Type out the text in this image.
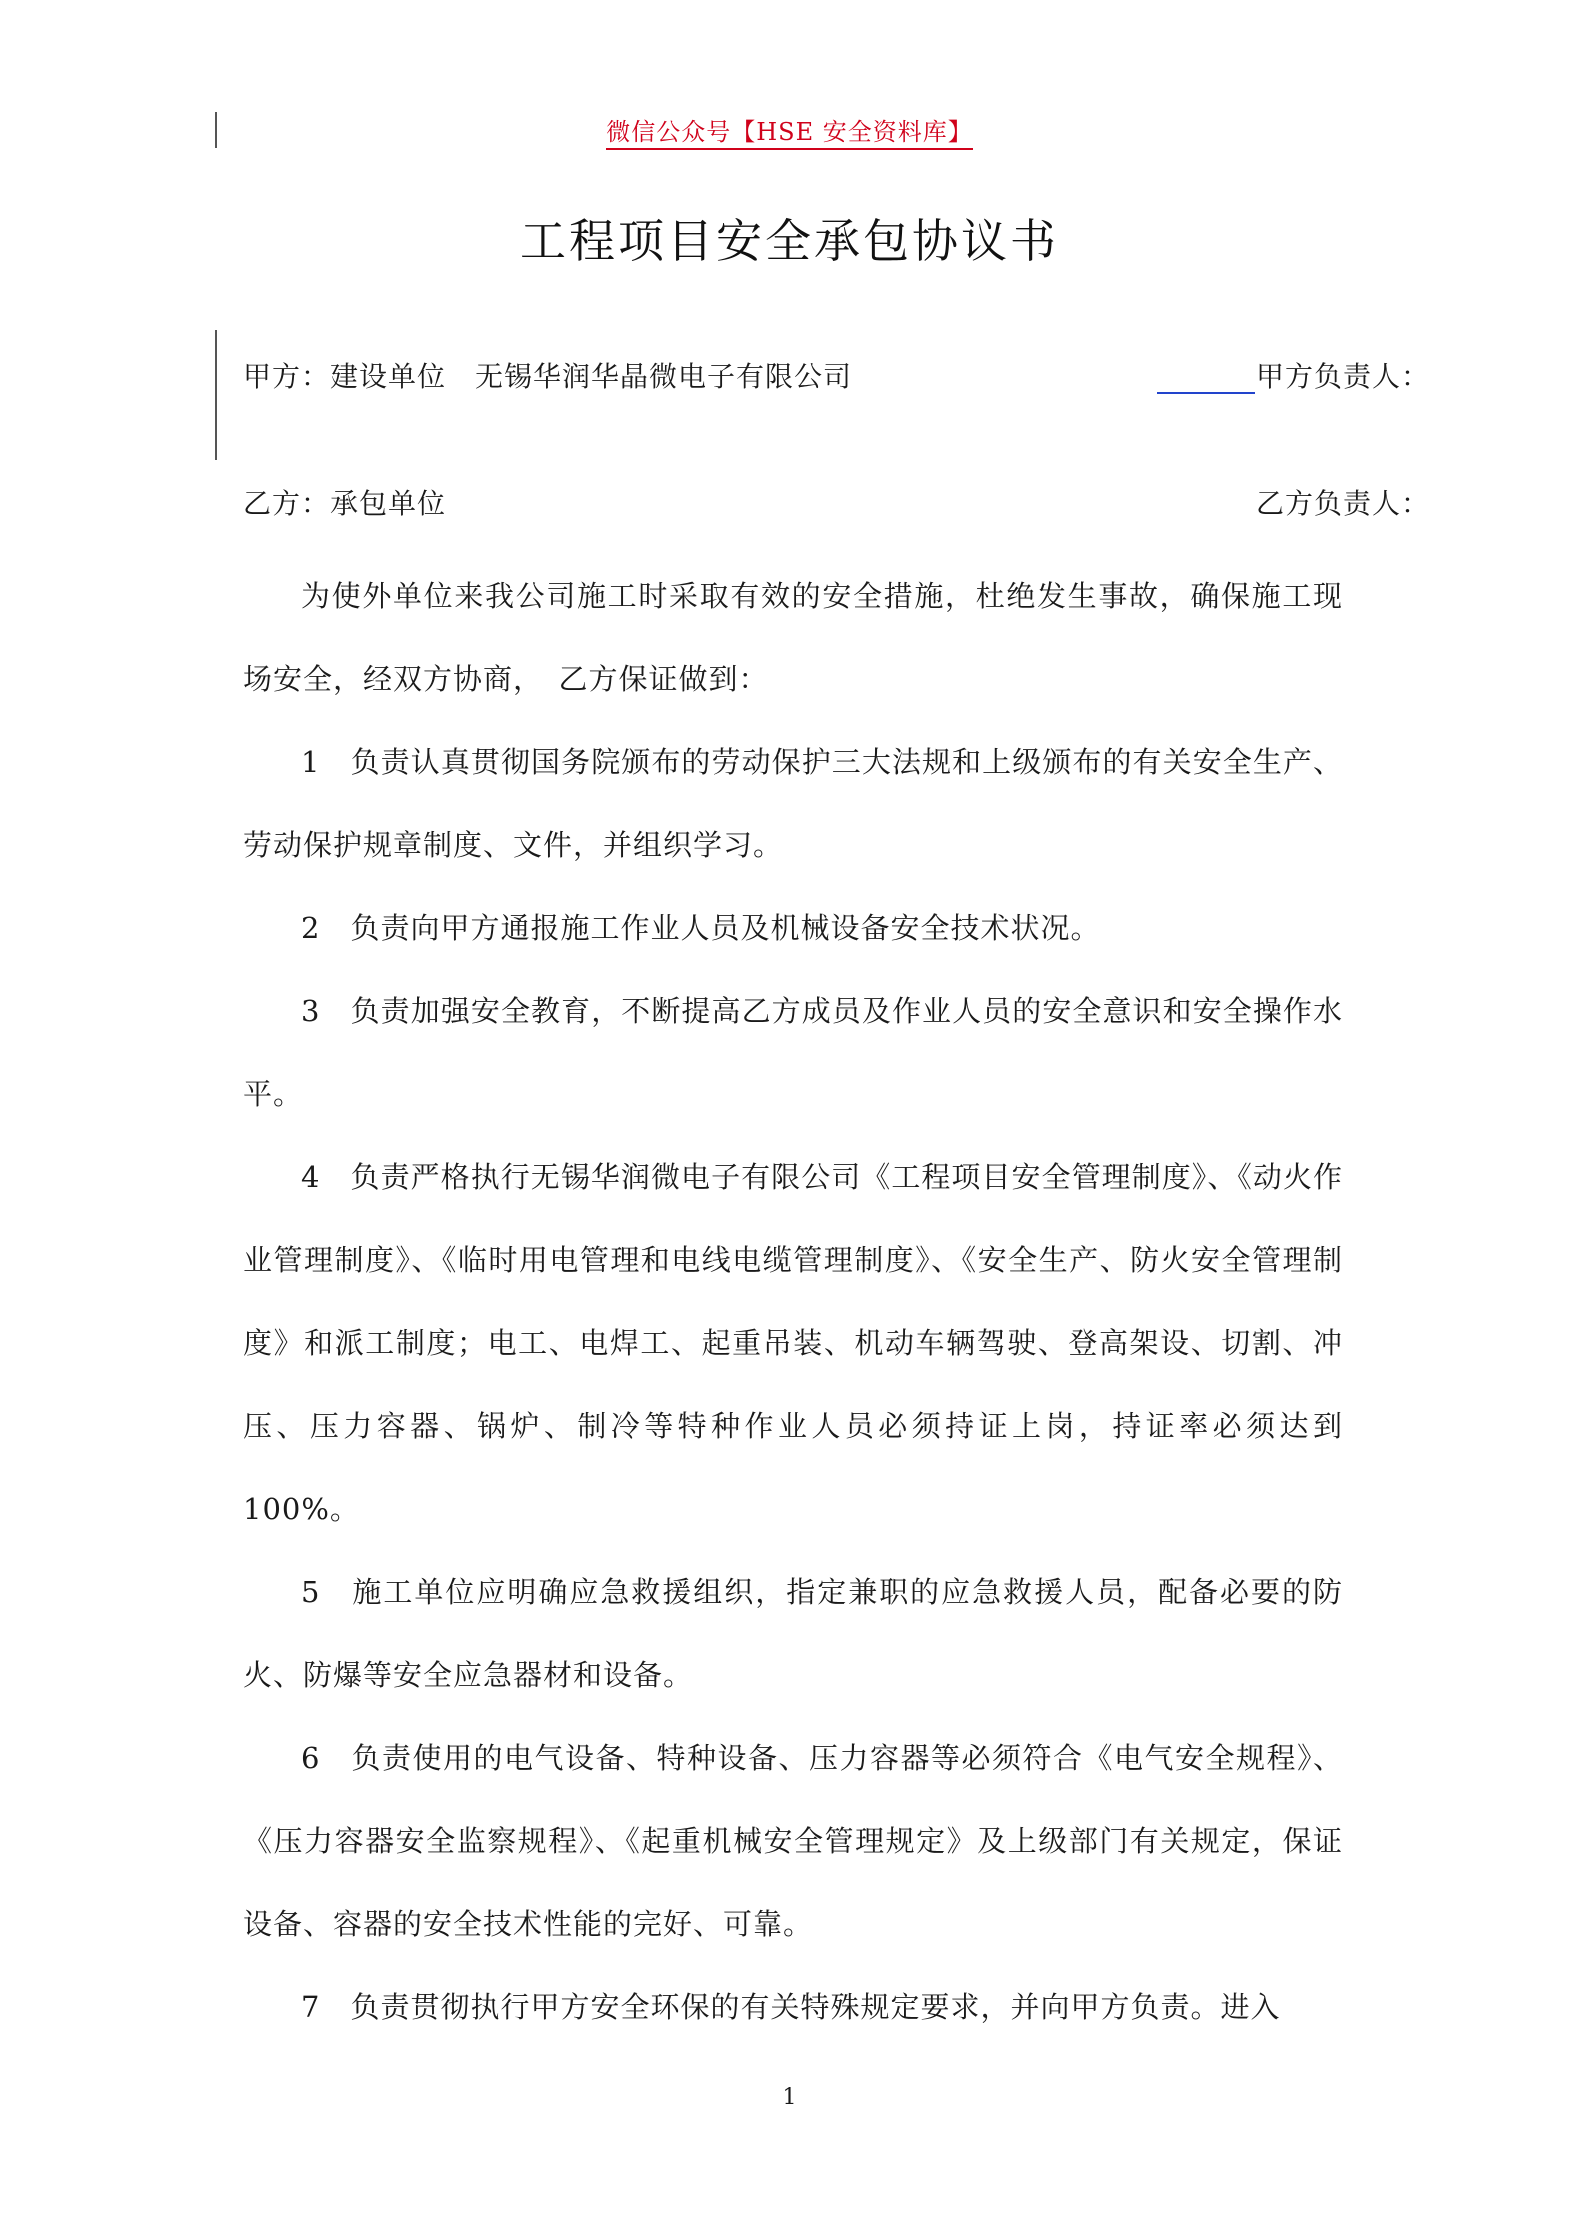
微信公众号【HSE 安全资料库】
工程项目安全承包协议书
甲方：建设单位　无锡华润华晶微电子有限公司	甲方负责人：
乙方：承包单位	乙方负责人：

为使外单位来我公司施工时采取有效的安全措施，杜绝发生事故，确保施工现场安全，经双方协商，　乙方保证做到：

1　负责认真贯彻国务院颁布的劳动保护三大法规和上级颁布的有关安全生产、劳动保护规章制度、文件，并组织学习。

2　负责向甲方通报施工作业人员及机械设备安全技术状况。

3　负责加强安全教育，不断提高乙方成员及作业人员的安全意识和安全操作水平。

4　负责严格执行无锡华润微电子有限公司《工程项目安全管理制度》、《动火作业管理制度》、《临时用电管理和电线电缆管理制度》、《安全生产、防火安全管理制度》和派工制度；电工、电焊工、起重吊装、机动车辆驾驶、登高架设、切割、冲压、压力容器、锅炉、制冷等特种作业人员必须持证上岗，持证率必须达到100%。

5　施工单位应明确应急救援组织，指定兼职的应急救援人员，配备必要的防火、防爆等安全应急器材和设备。

6　负责使用的电气设备、特种设备、压力容器等必须符合《电气安全规程》、《压力容器安全监察规程》、《起重机械安全管理规定》及上级部门有关规定，保证设备、容器的安全技术性能的完好、可靠。

7　负责贯彻执行甲方安全环保的有关特殊规定要求，并向甲方负责。进入

1
